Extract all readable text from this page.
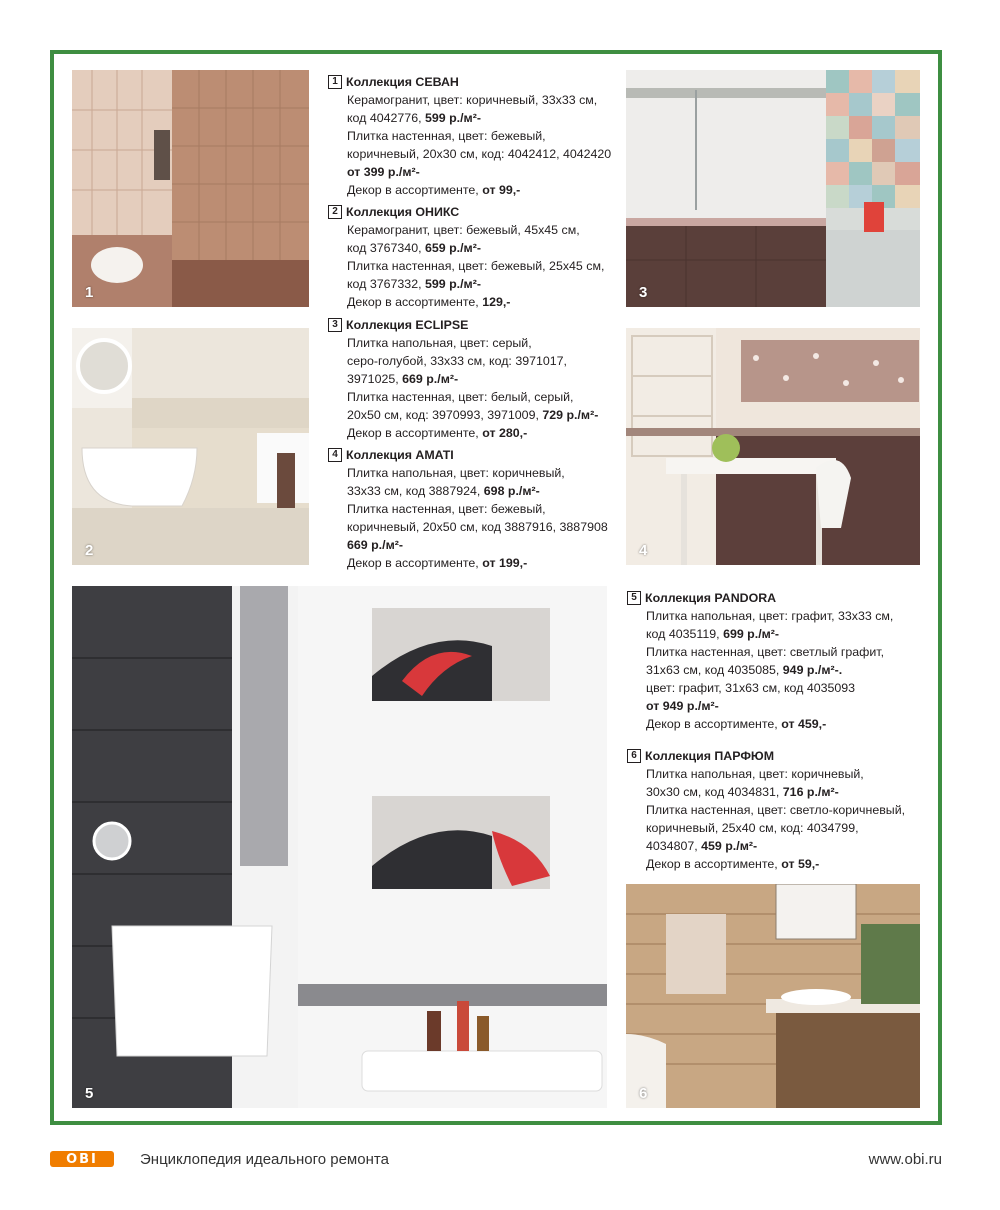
1
2
3
4
5	6
1 Коллекция СЕВАН
Керамогранит, цвет: коричневый, 33х33 см,
код 4042776, 599 р./м²-
Плитка настенная, цвет: бежевый,
коричневый, 20х30 см, код: 4042412, 4042420
от 399 р./м²-
Декор в ассортименте, от 99,-
2 Коллекция ОНИКС
Керамогранит, цвет: бежевый, 45х45 см,
код 3767340, 659 р./м²-
Плитка настенная, цвет: бежевый, 25х45 см,
код 3767332, 599 р./м²-
Декор в ассортименте, 129,-
3 Коллекция ECLIPSE
Плитка напольная, цвет: серый,
серо-голубой, 33х33 см, код: 3971017,
3971025, 669 р./м²-
Плитка настенная, цвет: белый, серый,
20х50 см, код: 3970993, 3971009, 729 р./м²-
Декор в ассортименте, от 280,-
4 Коллекция AMATI
Плитка напольная, цвет: коричневый,
33х33 см, код 3887924, 698 р./м²-
Плитка настенная, цвет: бежевый,
коричневый, 20х50 см, код 3887916, 3887908
669 р./м²-
Декор в ассортименте, от 199,-
5 Коллекция PANDORA
Плитка напольная, цвет: графит, 33х33 см,
код 4035119, 699 р./м²-
Плитка настенная, цвет: светлый графит,
31х63 см, код 4035085, 949 р./м²-.
цвет: графит, 31х63 см, код 4035093
от 949 р./м²-
Декор в ассортименте, от 459,-
6 Коллекция ПАРФЮМ
Плитка напольная, цвет: коричневый,
30х30 см, код 4034831, 716 р./м²-
Плитка настенная, цвет: светло-коричневый,
коричневый, 25х40 см, код: 4034799,
4034807, 459 р./м²-
Декор в ассортименте, от 59,-
OBI	Энциклопедия идеального ремонта	www.obi.ru
